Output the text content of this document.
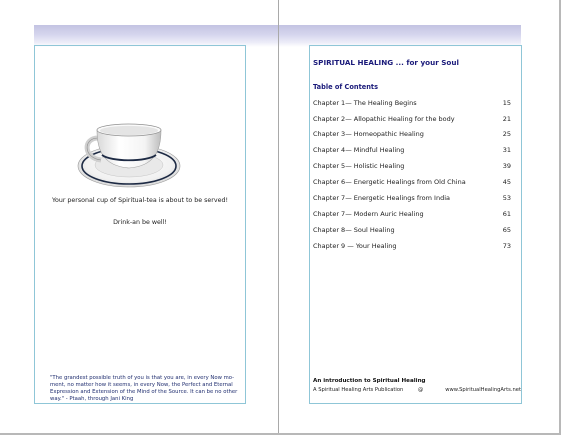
Your personal cup of Spiritual-tea is about to be served!
Drink-an be well!
"The grandest possible truth of you is that you are, in every Now mo- ment, no matter how it seems, in every Now, the Perfect and Eternal Expression and Extension of the Mind of the Source. It can be no other way." - Ptaah, through Jani King
SPIRITUAL HEALING ... for your Soul
Table of Contents
Chapter 1— The Healing Begins	15
Chapter 2— Allopathic Healing for the body	21
Chapter 3— Homeopathic Healing	25
Chapter 4— Mindful Healing	31
Chapter 5— Holistic Healing	39
Chapter 6— Energetic Healings from Old China	45
Chapter 7— Energetic Healings from India	53
Chapter 7— Modern Auric Healing	61
Chapter 8— Soul Healing	65
Chapter 9 — Your Healing	73
An introduction to Spiritual Healing
A Spiritual Healing Arts Publication	@	www.SpiritualHealingArts.net
